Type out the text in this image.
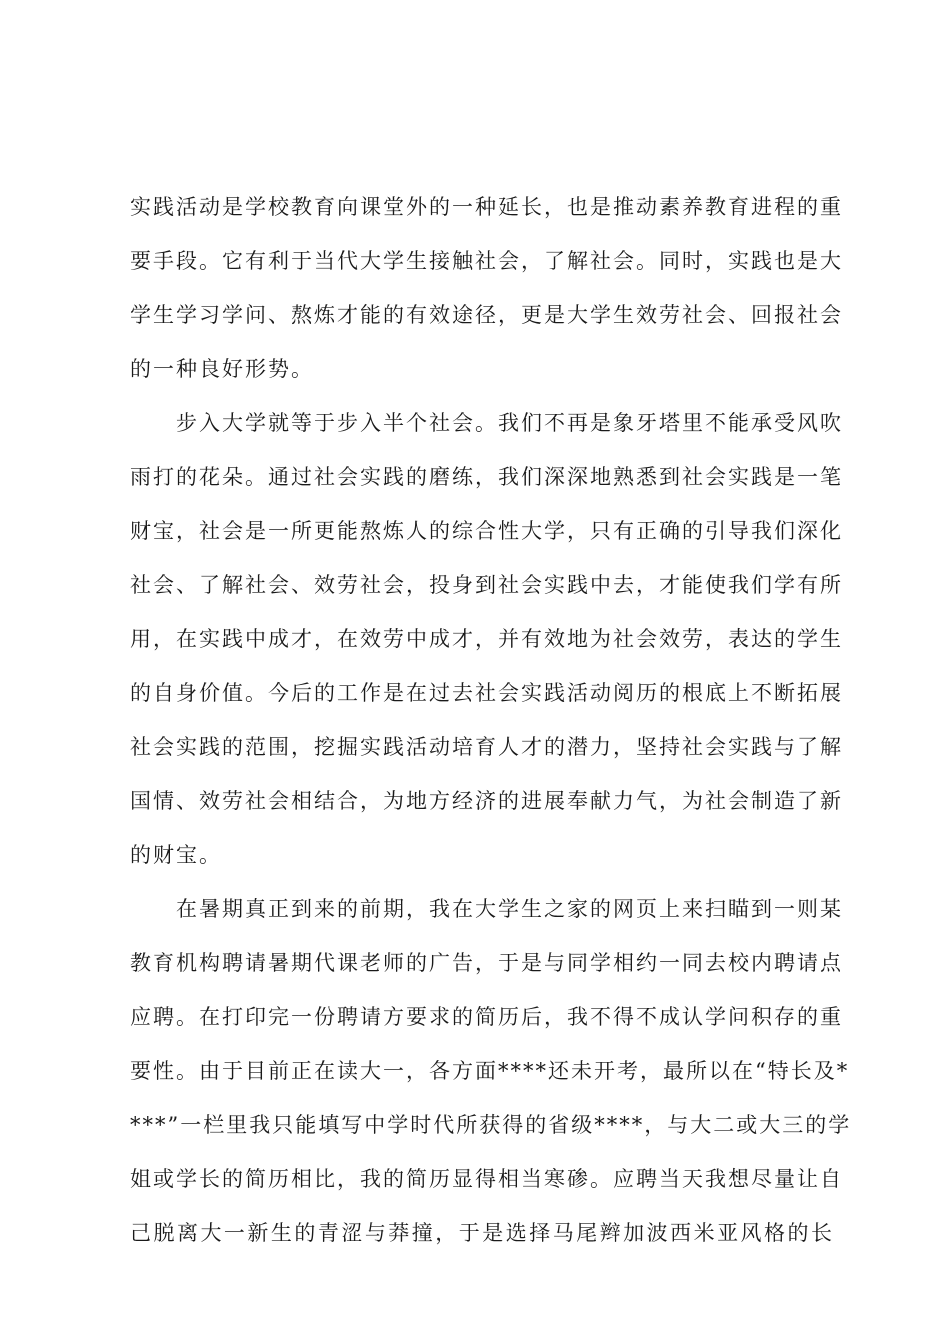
实践活动是学校教育向课堂外的一种延长，也是推动素养教育进程的重
要手段。它有利于当代大学生接触社会，了解社会。同时，实践也是大
学生学习学问、熬炼才能的有效途径，更是大学生效劳社会、回报社会
的一种良好形势。

步入大学就等于步入半个社会。我们不再是象牙塔里不能承受风吹
雨打的花朵。通过社会实践的磨练，我们深深地熟悉到社会实践是一笔
财宝，社会是一所更能熬炼人的综合性大学，只有正确的引导我们深化
社会、了解社会、效劳社会，投身到社会实践中去，才能使我们学有所
用，在实践中成才，在效劳中成才，并有效地为社会效劳，表达的学生
的自身价值。今后的工作是在过去社会实践活动阅历的根底上不断拓展
社会实践的范围，挖掘实践活动培育人才的潜力，坚持社会实践与了解
国情、效劳社会相结合，为地方经济的进展奉献力气，为社会制造了新
的财宝。

在暑期真正到来的前期，我在大学生之家的网页上来扫瞄到一则某
教育机构聘请暑期代课老师的广告，于是与同学相约一同去校内聘请点
应聘。在打印完一份聘请方要求的简历后，我不得不成认学问积存的重
要性。由于目前正在读大一，各方面****还未开考，最所以在“特长及*
***”一栏里我只能填写中学时代所获得的省级****，与大二或大三的学
姐或学长的简历相比，我的简历显得相当寒碜。应聘当天我想尽量让自
己脱离大一新生的青涩与莽撞，于是选择马尾辫加波西米亚风格的长
